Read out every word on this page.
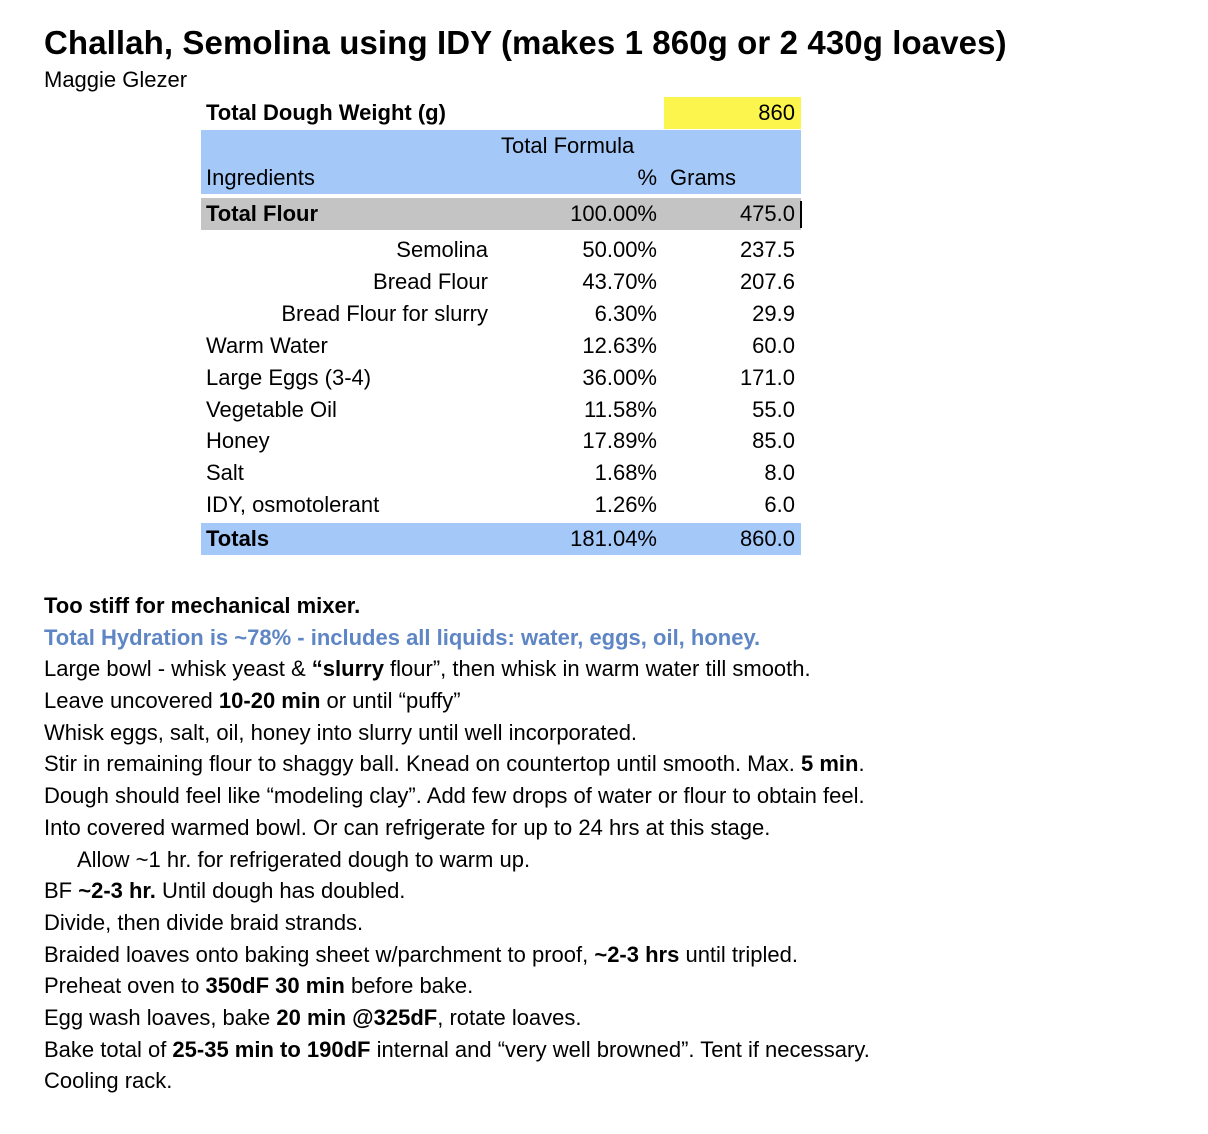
Challah, Semolina using IDY (makes 1 860g or 2 430g loaves)
Maggie Glezer
Total Dough Weight (g)	860
Total Formula
Ingredients	% Grams
Total Flour	100.00%	475.0
Semolina	50.00%	237.5
Bread Flour	43.70%	207.6
Bread Flour for slurry	6.30%	29.9
Warm Water	12.63%	60.0
Large Eggs (3-4)	36.00%	171.0
Vegetable Oil	11.58%	55.0
Honey	17.89%	85.0
Salt	1.68%	8.0
IDY, osmotolerant	1.26%	6.0
Totals	181.04%	860.0
Too stiff for mechanical mixer.
Total Hydration is ~78% - includes all liquids: water, eggs, oil, honey.
Large bowl - whisk yeast & “slurry flour”, then whisk in warm water till smooth.
Leave uncovered 10-20 min or until “puffy”
Whisk eggs, salt, oil, honey into slurry until well incorporated.
Stir in remaining flour to shaggy ball. Knead on countertop until smooth. Max. 5 min.
Dough should feel like “modeling clay”. Add few drops of water or flour to obtain feel.
Into covered warmed bowl. Or can refrigerate for up to 24 hrs at this stage.
Allow ~1 hr. for refrigerated dough to warm up.
BF ~2-3 hr. Until dough has doubled.
Divide, then divide braid strands.
Braided loaves onto baking sheet w/parchment to proof, ~2-3 hrs until tripled.
Preheat oven to 350dF 30 min before bake.
Egg wash loaves, bake 20 min @325dF, rotate loaves.
Bake total of 25-35 min to 190dF internal and “very well browned”. Tent if necessary.
Cooling rack.
